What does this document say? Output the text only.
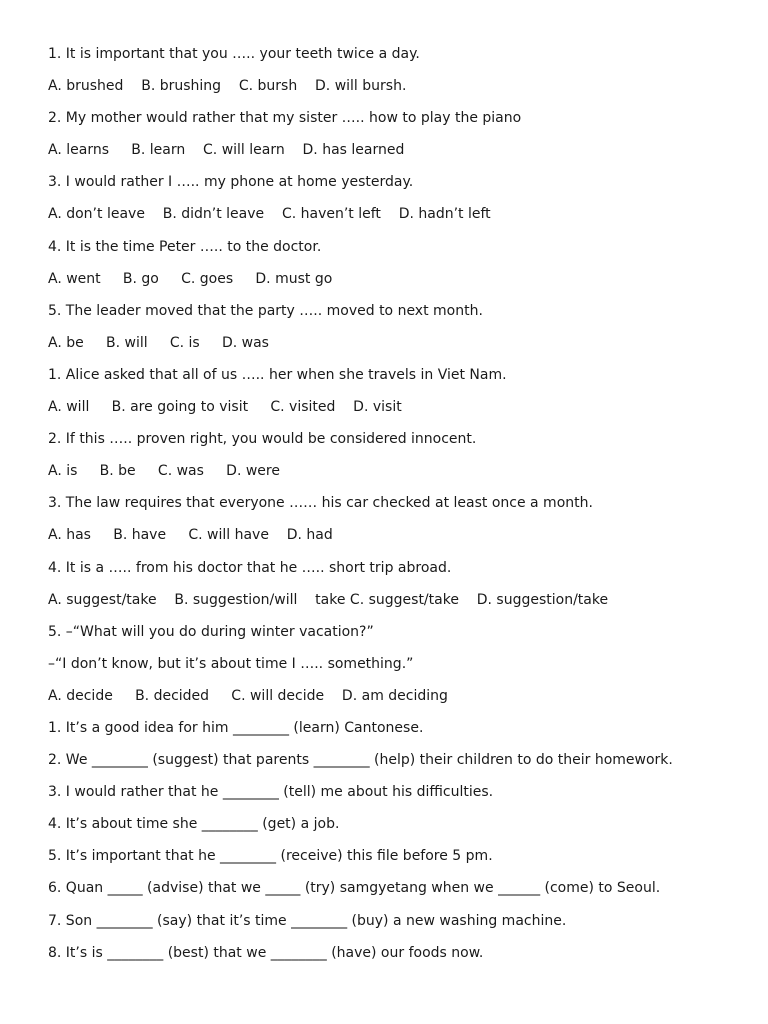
1. It is important that you ….. your teeth twice a day.
A. brushed    B. brushing    C. bursh    D. will bursh.
2. My mother would rather that my sister ….. how to play the piano
A. learns     B. learn    C. will learn    D. has learned
3. I would rather I ….. my phone at home yesterday.
A. don’t leave    B. didn’t leave    C. haven’t left    D. hadn’t left
4. It is the time Peter ….. to the doctor.
A. went     B. go     C. goes     D. must go
5. The leader moved that the party ….. moved to next month.
A. be     B. will     C. is     D. was
1. Alice asked that all of us ….. her when she travels in Viet Nam.
A. will     B. are going to visit     C. visited    D. visit
2. If this ….. proven right, you would be considered innocent.
A. is     B. be     C. was     D. were
3. The law requires that everyone …… his car checked at least once a month.
A. has     B. have     C. will have    D. had
4. It is a ….. from his doctor that he ….. short trip abroad.
A. suggest/take    B. suggestion/will    take C. suggest/take    D. suggestion/take
5. –“What will you do during winter vacation?”
–“I don’t know, but it’s about time I ….. something.”
A. decide     B. decided     C. will decide    D. am deciding
1. It’s a good idea for him ________ (learn) Cantonese.
2. We ________ (suggest) that parents ________ (help) their children to do their homework.
3. I would rather that he ________ (tell) me about his difficulties.
4. It’s about time she ________ (get) a job.
5. It’s important that he ________ (receive) this file before 5 pm.
6. Quan _____ (advise) that we _____ (try) samgyetang when we ______ (come) to Seoul.
7. Son ________ (say) that it’s time ________ (buy) a new washing machine.
8. It’s is ________ (best) that we ________ (have) our foods now.
